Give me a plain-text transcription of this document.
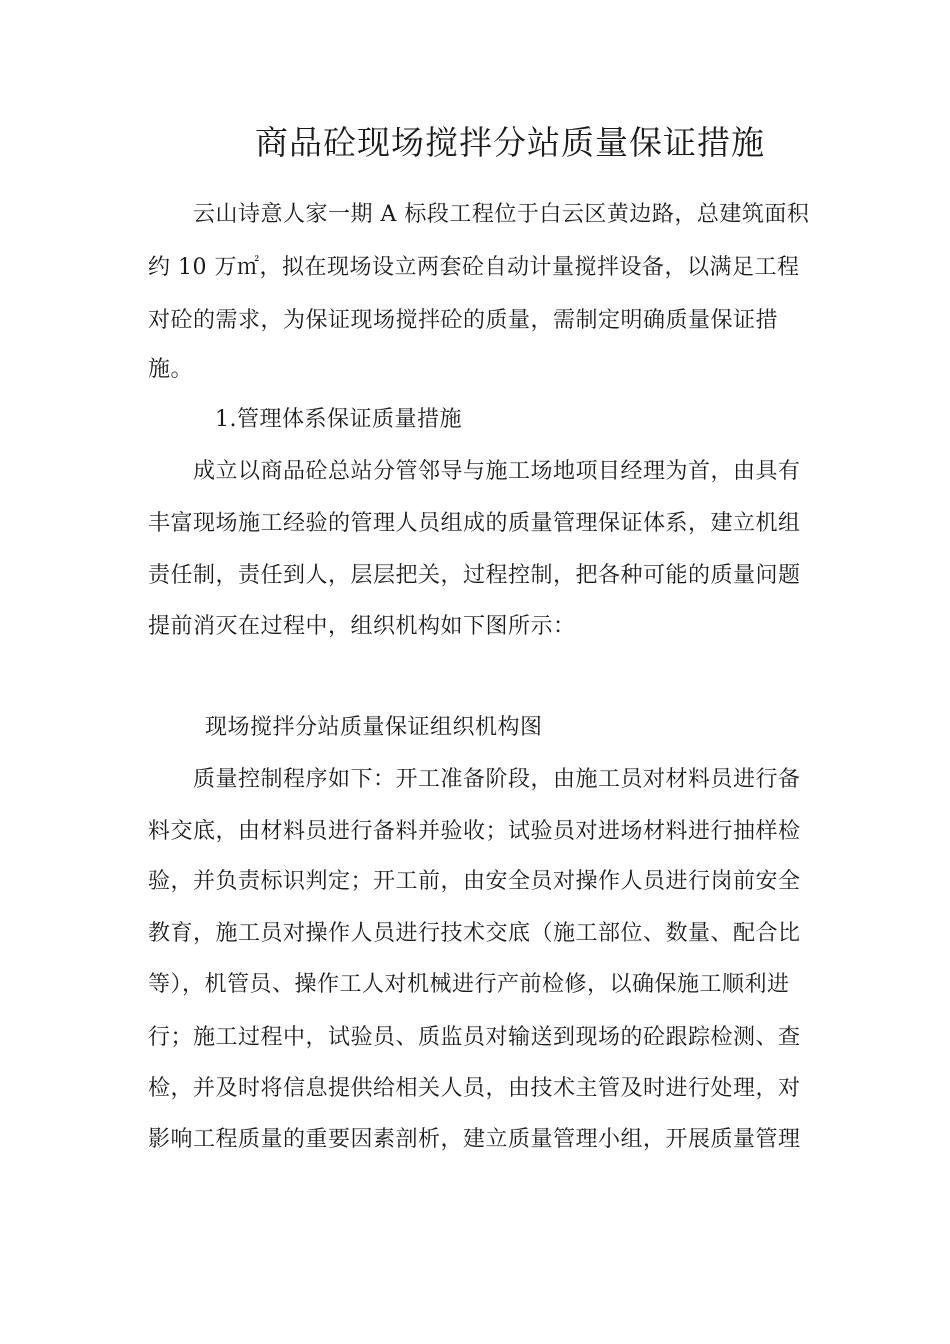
商品砼现场搅拌分站质量保证措施
云山诗意人家一期 A 标段工程位于白云区黄边路，总建筑面积
约 10 万㎡，拟在现场设立两套砼自动计量搅拌设备，以满足工程
对砼的需求，为保证现场搅拌砼的质量，需制定明确质量保证措
施。
1.管理体系保证质量措施
成立以商品砼总站分管邻导与施工场地项目经理为首，由具有
丰富现场施工经验的管理人员组成的质量管理保证体系，建立机组
责任制，责任到人，层层把关，过程控制，把各种可能的质量问题
提前消灭在过程中，组织机构如下图所示：
现场搅拌分站质量保证组织机构图
质量控制程序如下：开工准备阶段，由施工员对材料员进行备
料交底，由材料员进行备料并验收；试验员对进场材料进行抽样检
验，并负责标识判定；开工前，由安全员对操作人员进行岗前安全
教育，施工员对操作人员进行技术交底（施工部位、数量、配合比
等），机管员、操作工人对机械进行产前检修，以确保施工顺利进
行；施工过程中，试验员、质监员对输送到现场的砼跟踪检测、查
检，并及时将信息提供给相关人员，由技术主管及时进行处理，对
影响工程质量的重要因素剖析，建立质量管理小组，开展质量管理
